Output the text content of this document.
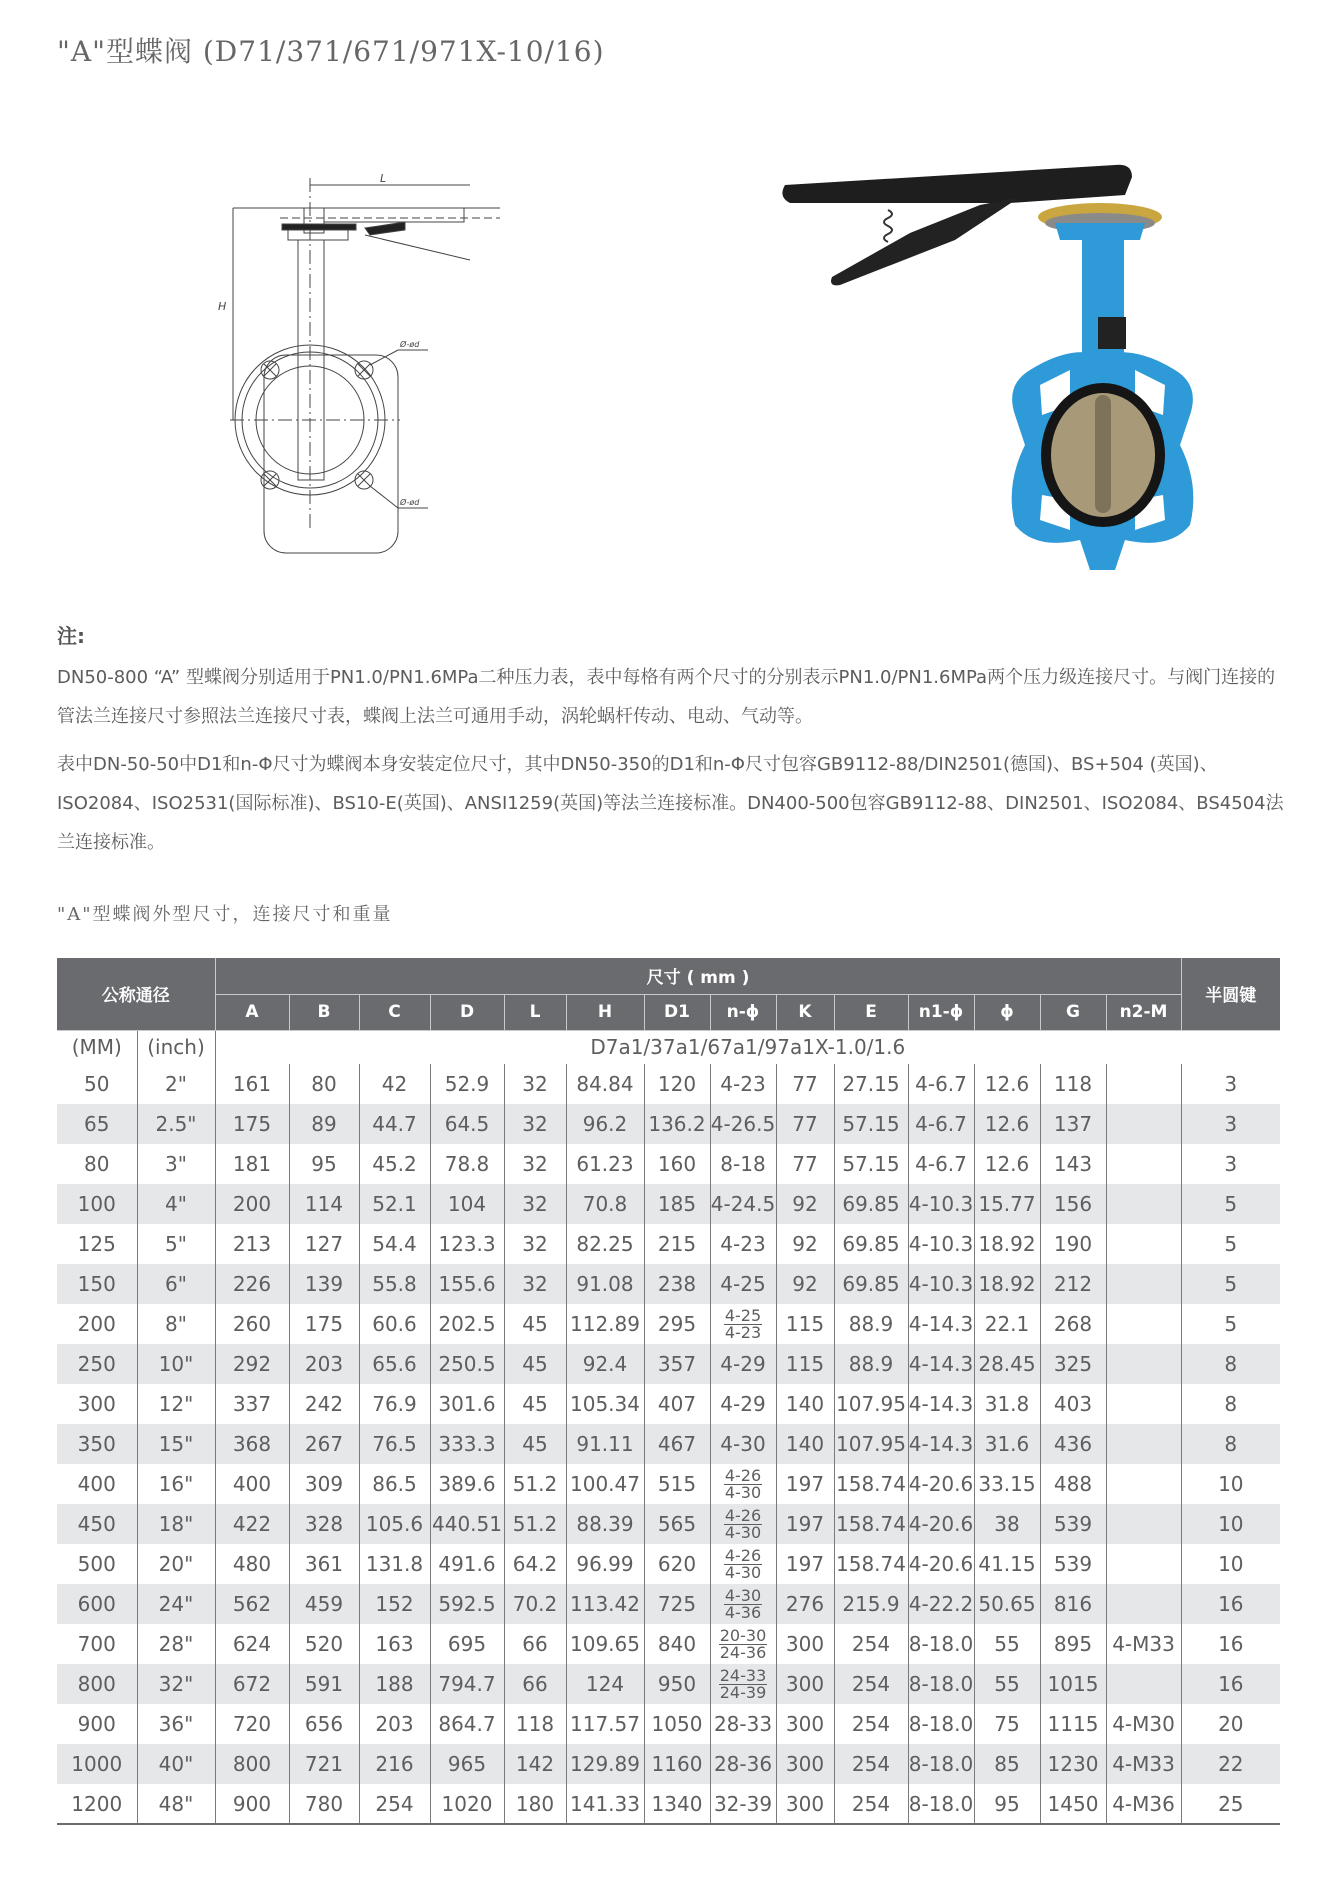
"A"型蝶阀 (D71/371/671/971X-10/16)
L
H
Ø-ød
Ø-ød
注:
DN50-800 “A” 型蝶阀分别适用于PN1.0/PN1.6MPa二种压力表，表中每格有两个尺寸的分别表示PN1.0/PN1.6MPa两个压力级连接尺寸。与阀门连接的管法兰连接尺寸参照法兰连接尺寸表，蝶阀上法兰可通用手动，涡轮蜗杆传动、电动、气动等。
表中DN-50-50中D1和n-Φ尺寸为蝶阀本身安装定位尺寸，其中DN50-350的D1和n-Φ尺寸包容GB9112-88/DIN2501(德国)、BS+504 (英国)、ISO2084、ISO2531(国际标准)、BS10-E(英国)、ANSI1259(英国)等法兰连接标准。DN400-500包容GB9112-88、DIN2501、ISO2084、BS4504法兰连接标准。
"A"型蝶阀外型尺寸，连接尺寸和重量
公称通径		尺寸 ( mm )														半圆键
		A	B	C	D	L	H	D1	n-ϕ	K	E	n1-ϕ	ϕ	G	n2-M	
(MM)	(inch)	D7a1/37a1/67a1/97a1X-1.0/1.6														
50	2"	161	80	42	52.9	32	84.84	120	4-23	77	27.15	4-6.7	12.6	118		3
65	2.5"	175	89	44.7	64.5	32	96.2	136.2	4-26.5	77	57.15	4-6.7	12.6	137		3
80	3"	181	95	45.2	78.8	32	61.23	160	8-18	77	57.15	4-6.7	12.6	143		3
100	4"	200	114	52.1	104	32	70.8	185	4-24.5	92	69.85	4-10.3	15.77	156		5
125	5"	213	127	54.4	123.3	32	82.25	215	4-23	92	69.85	4-10.3	18.92	190		5
150	6"	226	139	55.8	155.6	32	91.08	238	4-25	92	69.85	4-10.3	18.92	212		5
200	8"	260	175	60.6	202.5	45	112.89	295	$\frac{4-25}{4-23}$	115	88.9	4-14.3	22.1	268		5
250	10"	292	203	65.6	250.5	45	92.4	357	4-29	115	88.9	4-14.3	28.45	325		8
300	12"	337	242	76.9	301.6	45	105.34	407	4-29	140	107.95	4-14.3	31.8	403		8
350	15"	368	267	76.5	333.3	45	91.11	467	4-30	140	107.95	4-14.3	31.6	436		8
400	16"	400	309	86.5	389.6	51.2	100.47	515	$\frac{4-26}{4-30}$	197	158.74	4-20.6	33.15	488		10
450	18"	422	328	105.6	440.51	51.2	88.39	565	$\frac{4-26}{4-30}$	197	158.74	4-20.6	38	539		10
500	20"	480	361	131.8	491.6	64.2	96.99	620	$\frac{4-26}{4-30}$	197	158.74	4-20.6	41.15	539		10
600	24"	562	459	152	592.5	70.2	113.42	725	$\frac{4-30}{4-36}$	276	215.9	4-22.2	50.65	816		16
700	28"	624	520	163	695	66	109.65	840	$\frac{20-30}{24-36}$	300	254	8-18.0	55	895	4-M33	16
800	32"	672	591	188	794.7	66	124	950	$\frac{24-33}{24-39}$	300	254	8-18.0	55	1015		16
900	36"	720	656	203	864.7	118	117.57	1050	28-33	300	254	8-18.0	75	1115	4-M30	20
1000	40"	800	721	216	965	142	129.89	1160	28-36	300	254	8-18.0	85	1230	4-M33	22
1200	48"	900	780	254	1020	180	141.33	1340	32-39	300	254	8-18.0	95	1450	4-M36	25
